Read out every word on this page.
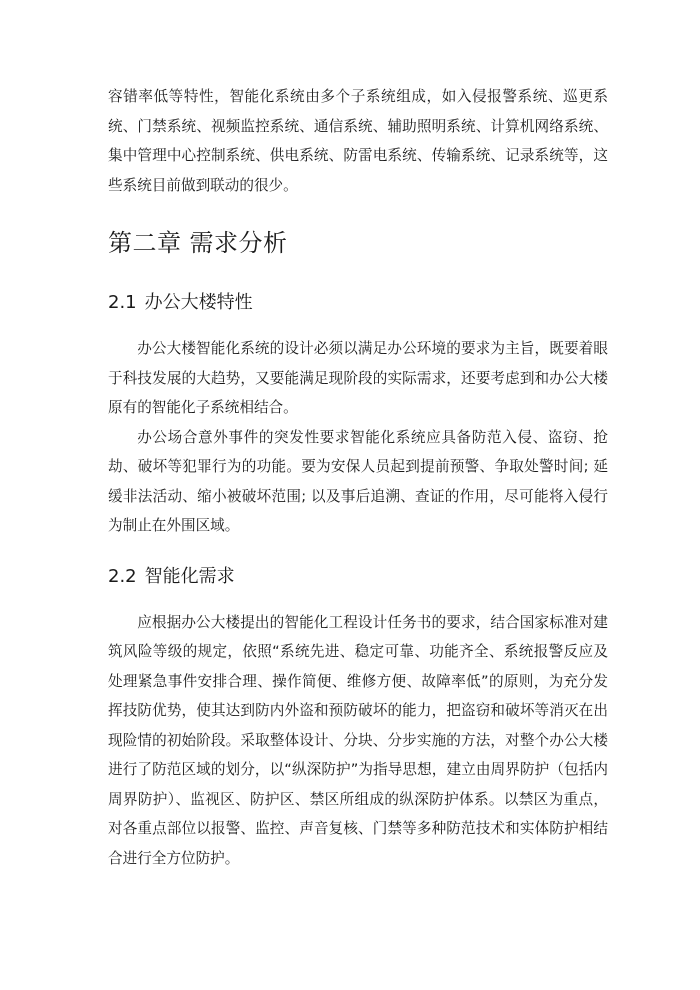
容错率低等特性，智能化系统由多个子系统组成，如入侵报警系统、巡更系统、门禁系统、视频监控系统、通信系统、辅助照明系统、计算机网络系统、集中管理中心控制系统、供电系统、防雷电系统、传输系统、记录系统等，这些系统目前做到联动的很少。

第二章 需求分析
2.1 办公大楼特性

办公大楼智能化系统的设计必须以满足办公环境的要求为主旨，既要着眼于科技发展的大趋势，又要能满足现阶段的实际需求，还要考虑到和办公大楼原有的智能化子系统相结合。

办公场合意外事件的突发性要求智能化系统应具备防范入侵、盗窃、抢劫、破坏等犯罪行为的功能。要为安保人员起到提前预警、争取处警时间; 延缓非法活动、缩小被破坏范围; 以及事后追溯、查证的作用，尽可能将入侵行为制止在外围区域。

2.2 智能化需求

应根据办公大楼提出的智能化工程设计任务书的要求，结合国家标准对建筑风险等级的规定，依照“系统先进、稳定可靠、功能齐全、系统报警反应及处理紧急事件安排合理、操作简便、维修方便、故障率低”的原则，为充分发挥技防优势，使其达到防内外盗和预防破坏的能力，把盗窃和破坏等消灭在出现险情的初始阶段。采取整体设计、分块、分步实施的方法，对整个办公大楼进行了防范区域的划分，以“纵深防护”为指导思想，建立由周界防护（包括内周界防护）、监视区、防护区、禁区所组成的纵深防护体系。以禁区为重点，对各重点部位以报警、监控、声音复核、门禁等多种防范技术和实体防护相结合进行全方位防护。
